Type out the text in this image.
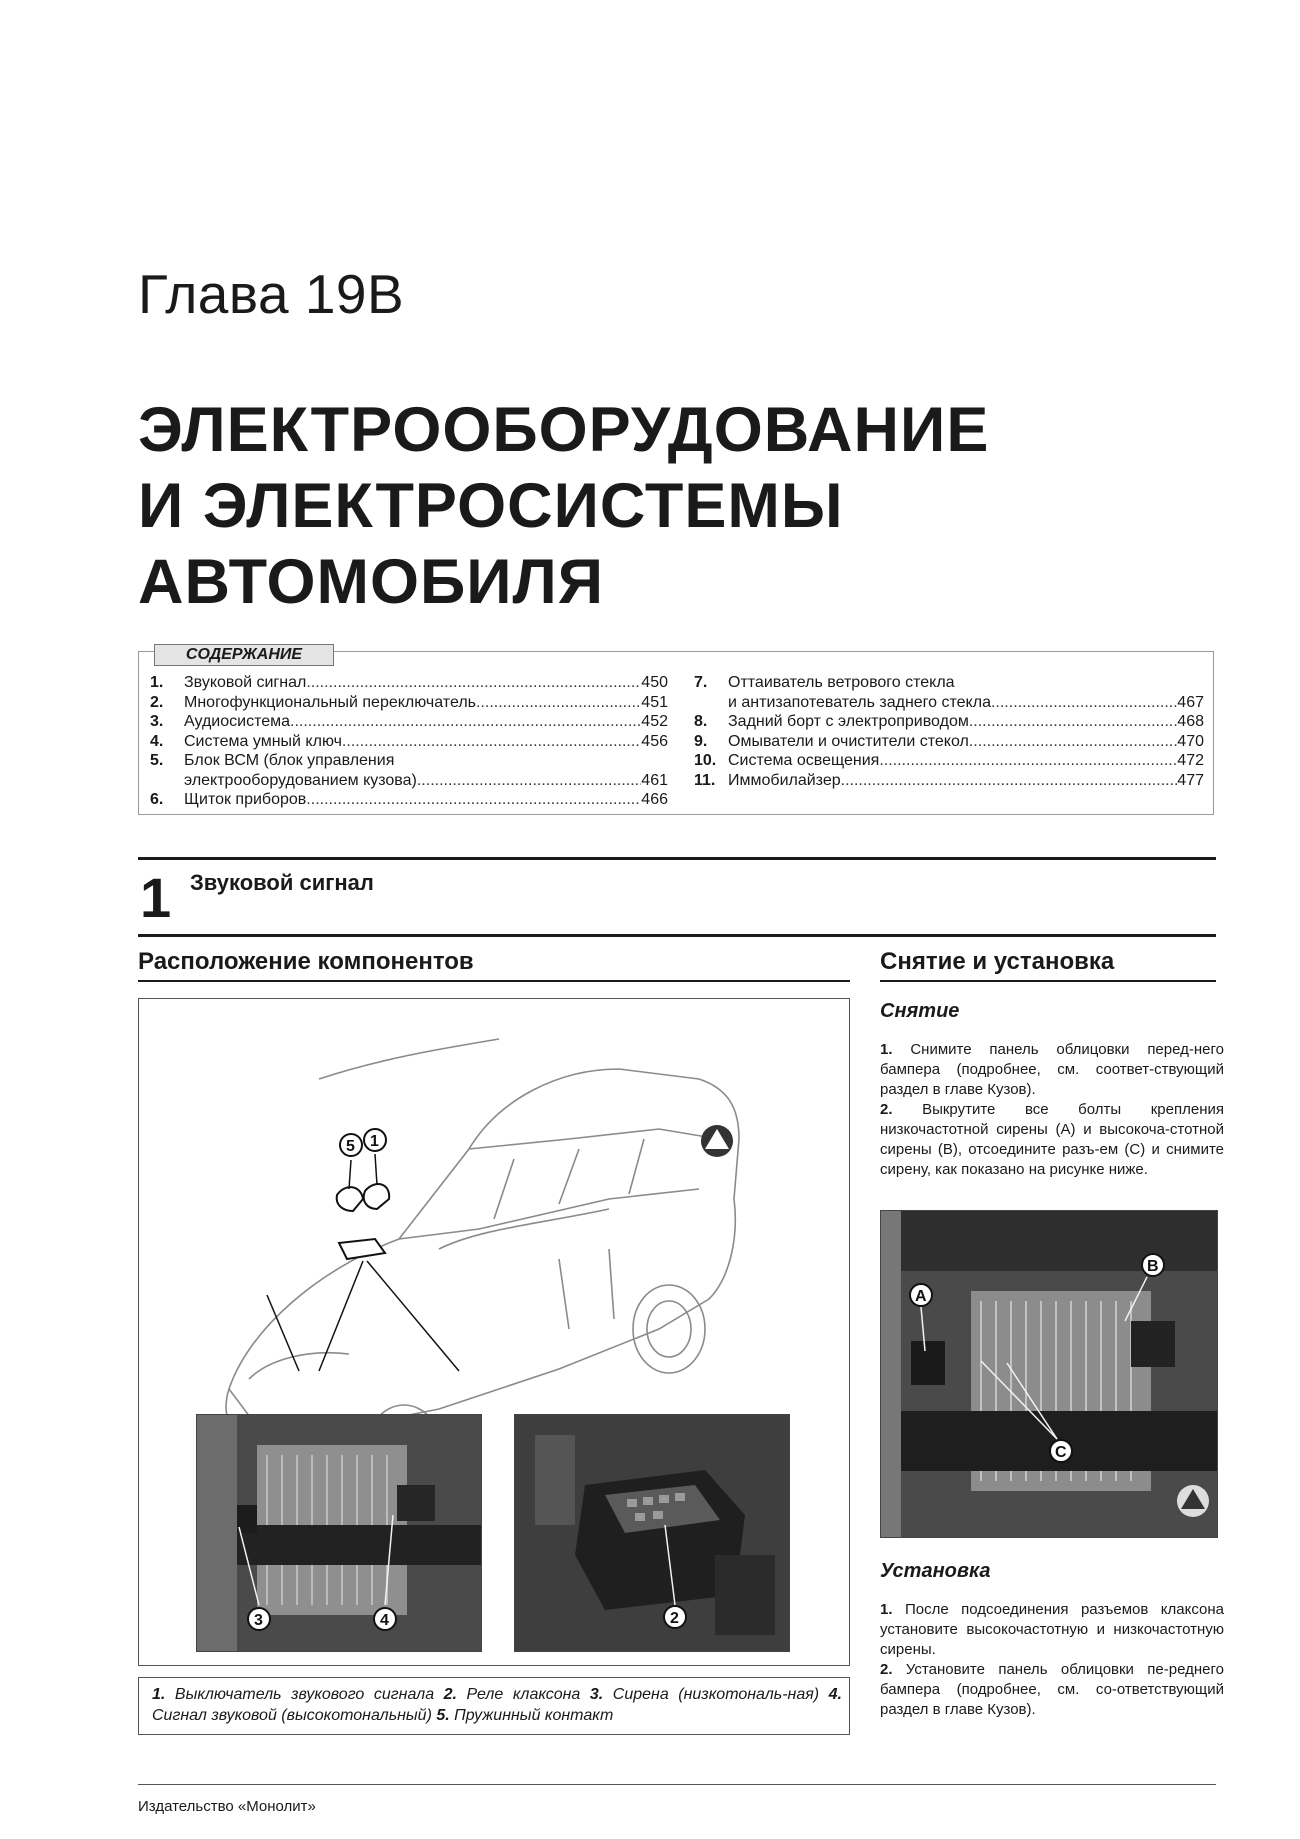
Глава 19В
ЭЛЕКТРООБОРУДОВАНИЕ
И ЭЛЕКТРОСИСТЕМЫ
АВТОМОБИЛЯ
СОДЕРЖАНИЕ
1.	Звуковой сигнал .....	450
2.	Многофункциональный переключатель .....	451
3.	Аудиосистема .....	452
4.	Система умный ключ .....	456
5.	Блок ВСМ (блок управления
электрооборудованием кузова) .....	461
6.	Щиток приборов .....	466
7.	Оттаиватель ветрового стекла
и антизапотеватель заднего стекла .....	467
8.	Задний борт с электроприводом .....	468
9.	Омыватели и очистители стекол .....	470
10. Система освещения .....	472
11. Иммобилайзер .....	477
1 Звуковой сигнал
Расположение компонентов	Снятие и установка
5 1
3	4	2
1. Выключатель звукового сигнала 2. Реле клаксона 3. Сирена (низкотональ-ная) 4. Сигнал звуковой (высокотональный) 5. Пружинный контакт
Снятие
1. Снимите панель облицовки перед-него бампера (подробнее, см. соответ-ствующий раздел в главе Кузов).
2. Выкрутите все болты крепления низкочастотной сирены (A) и высокоча-стотной сирены (B), отсоедините разъ-ем (C) и снимите сирену, как показано на рисунке ниже.
A
B
C
Установка
1. После подсоединения разъемов клаксона установите высокочастотную и низкочастотную сирены.
2. Установите панель облицовки пе-реднего бампера (подробнее, см. со-ответствующий раздел в главе Кузов).
Издательство «Монолит»
